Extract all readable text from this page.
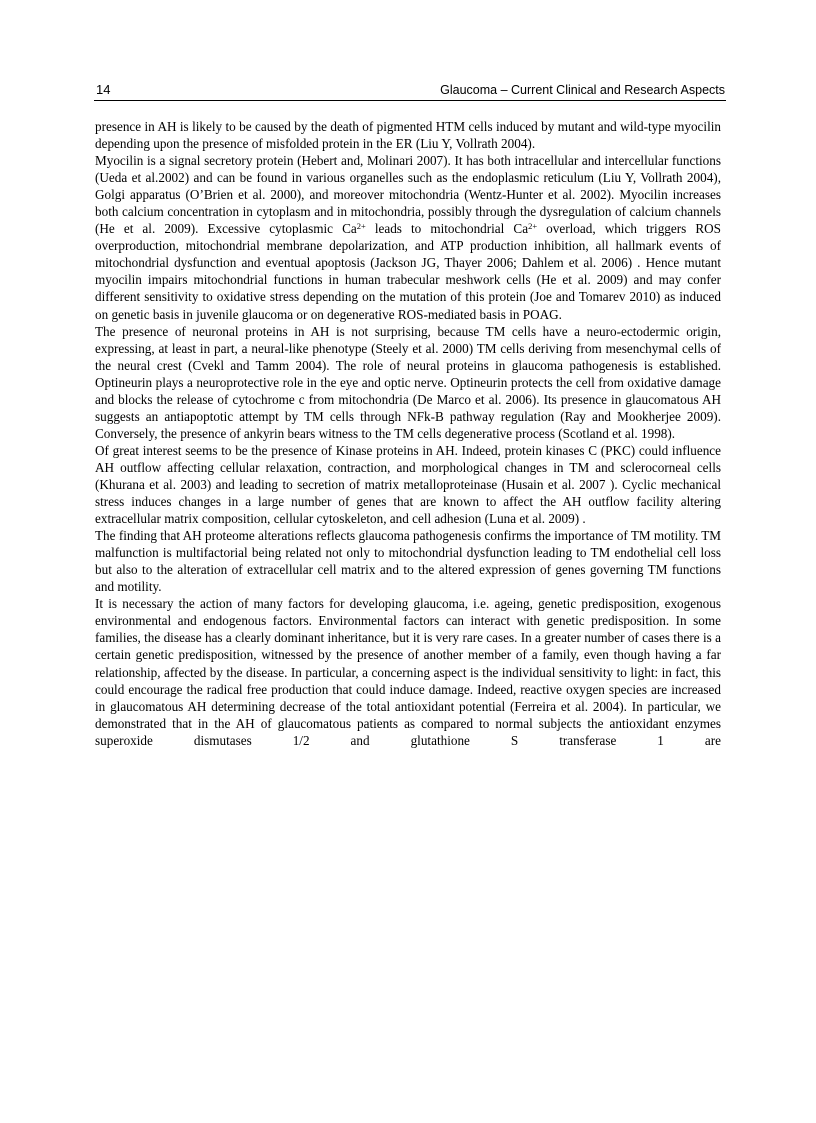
14	Glaucoma – Current Clinical and Research Aspects

presence in AH is likely to be caused by the death of pigmented HTM cells induced by mutant and wild-type myocilin depending upon the presence of misfolded protein in the ER (Liu Y, Vollrath 2004).

Myocilin is a signal secretory protein (Hebert and, Molinari 2007). It has both intracellular and intercellular functions (Ueda et al.2002) and can be found in various organelles such as the endoplasmic reticulum (Liu Y, Vollrath 2004), Golgi apparatus (O’Brien et al. 2000), and moreover mitochondria (Wentz-Hunter et al. 2002). Myocilin increases both calcium concentration in cytoplasm and in mitochondria, possibly through the dysregulation of calcium channels (He et al. 2009). Excessive cytoplasmic $Ca^{2+}$ leads to mitochondrial $Ca^{2+}$ overload, which triggers ROS overproduction, mitochondrial membrane depolarization, and ATP production inhibition, all hallmark events of mitochondrial dysfunction and eventual apoptosis (Jackson JG, Thayer 2006; Dahlem et al. 2006) . Hence mutant myocilin impairs mitochondrial functions in human trabecular meshwork cells (He et al. 2009) and may confer different sensitivity to oxidative stress depending on the mutation of this protein (Joe and Tomarev 2010) as induced on genetic basis in juvenile glaucoma or on degenerative ROS-mediated basis in POAG.

The presence of neuronal proteins in AH is not surprising, because TM cells have a neuro-ectodermic origin, expressing, at least in part, a neural-like phenotype (Steely et al. 2000) TM cells deriving from mesenchymal cells of the neural crest (Cvekl and Tamm 2004). The role of neural proteins in glaucoma pathogenesis is established. Optineurin plays a neuroprotective role in the eye and optic nerve. Optineurin protects the cell from oxidative damage and blocks the release of cytochrome c from mitochondria (De Marco et al. 2006). Its presence in glaucomatous AH suggests an antiapoptotic attempt by TM cells through NFk-B pathway regulation (Ray and Mookherjee 2009). Conversely, the presence of ankyrin bears witness to the TM cells degenerative process (Scotland et al. 1998).

Of great interest seems to be the presence of Kinase proteins in AH. Indeed, protein kinases C (PKC) could influence AH outflow affecting cellular relaxation, contraction, and morphological changes in TM and sclerocorneal cells (Khurana et al. 2003) and leading to secretion of matrix metalloproteinase (Husain et al. 2007 ). Cyclic mechanical stress induces changes in a large number of genes that are known to affect the AH outflow facility altering extracellular matrix composition, cellular cytoskeleton, and cell adhesion (Luna et al. 2009) .

The finding that AH proteome alterations reflects glaucoma pathogenesis confirms the importance of TM motility. TM malfunction is multifactorial being related not only to mitochondrial dysfunction leading to TM endothelial cell loss but also to the alteration of extracellular cell matrix and to the altered expression of genes governing TM functions and motility.

It is necessary the action of many factors for developing glaucoma, i.e. ageing, genetic predisposition, exogenous environmental and endogenous factors. Environmental factors can interact with genetic predisposition. In some families, the disease has a clearly dominant inheritance, but it is very rare cases. In a greater number of cases there is a certain genetic predisposition, witnessed by the presence of another member of a family, even though having a far relationship, affected by the disease. In particular, a concerning aspect is the individual sensitivity to light: in fact, this could encourage the radical free production that could induce damage. Indeed, reactive oxygen species are increased in glaucomatous AH determining decrease of the total antioxidant potential (Ferreira et al. 2004). In particular, we demonstrated that in the AH of glaucomatous patients as compared to normal subjects the antioxidant enzymes superoxide dismutases 1/2 and glutathione S transferase 1 are
